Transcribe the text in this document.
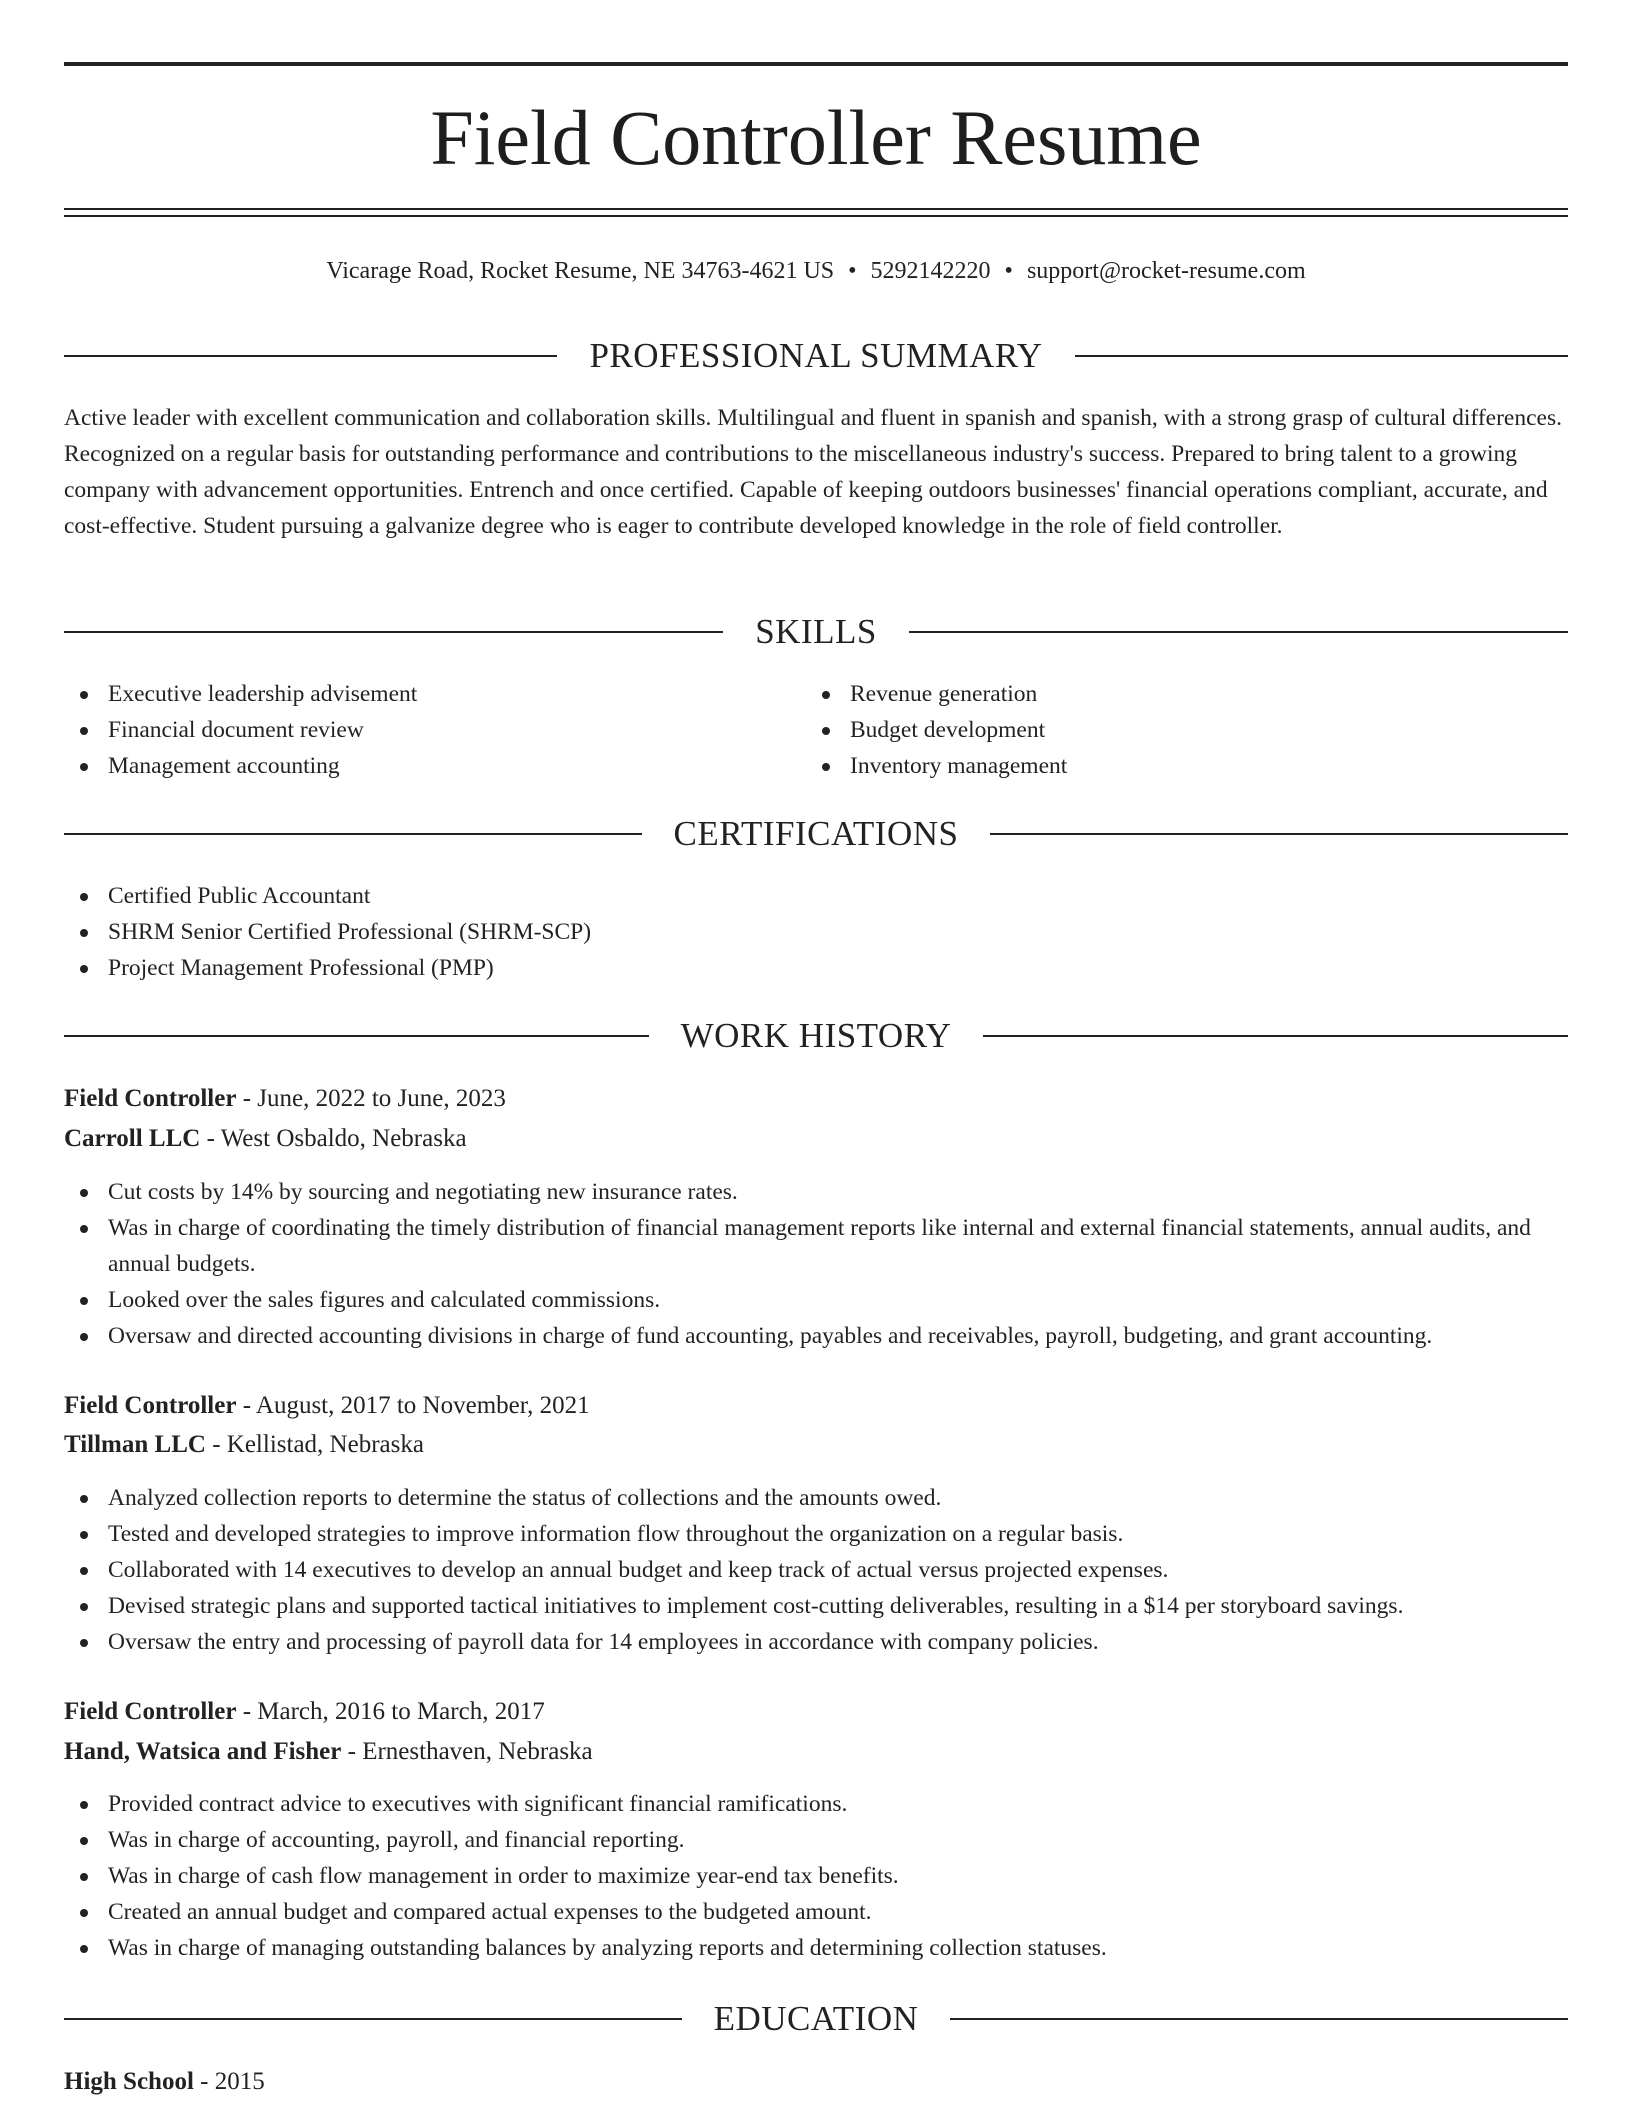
Field Controller Resume
Vicarage Road, Rocket Resume, NE 34763-4621 US • 5292142220 • support@rocket-resume.com
PROFESSIONAL SUMMARY

Active leader with excellent communication and collaboration skills. Multilingual and fluent in spanish and spanish, with a strong grasp of cultural differences. Recognized on a regular basis for outstanding performance and contributions to the miscellaneous industry's success. Prepared to bring talent to a growing company with advancement opportunities. Entrench and once certified. Capable of keeping outdoors businesses' financial operations compliant, accurate, and cost-effective. Student pursuing a galvanize degree who is eager to contribute developed knowledge in the role of field controller.

SKILLS
Executive leadership advisement
Financial document review
Management accounting
Revenue generation
Budget development
Inventory management
CERTIFICATIONS
Certified Public Accountant
SHRM Senior Certified Professional (SHRM-SCP)
Project Management Professional (PMP)
WORK HISTORY
Field Controller - June, 2022 to June, 2023
Carroll LLC - West Osbaldo, Nebraska
Cut costs by 14% by sourcing and negotiating new insurance rates.
Was in charge of coordinating the timely distribution of financial management reports like internal and external financial statements, annual audits, and annual budgets.
Looked over the sales figures and calculated commissions.
Oversaw and directed accounting divisions in charge of fund accounting, payables and receivables, payroll, budgeting, and grant accounting.
Field Controller - August, 2017 to November, 2021
Tillman LLC - Kellistad, Nebraska
Analyzed collection reports to determine the status of collections and the amounts owed.
Tested and developed strategies to improve information flow throughout the organization on a regular basis.
Collaborated with 14 executives to develop an annual budget and keep track of actual versus projected expenses.
Devised strategic plans and supported tactical initiatives to implement cost-cutting deliverables, resulting in a $14 per storyboard savings.
Oversaw the entry and processing of payroll data for 14 employees in accordance with company policies.
Field Controller - March, 2016 to March, 2017
Hand, Watsica and Fisher - Ernesthaven, Nebraska
Provided contract advice to executives with significant financial ramifications.
Was in charge of accounting, payroll, and financial reporting.
Was in charge of cash flow management in order to maximize year-end tax benefits.
Created an annual budget and compared actual expenses to the budgeted amount.
Was in charge of managing outstanding balances by analyzing reports and determining collection statuses.
EDUCATION
High School - 2015
